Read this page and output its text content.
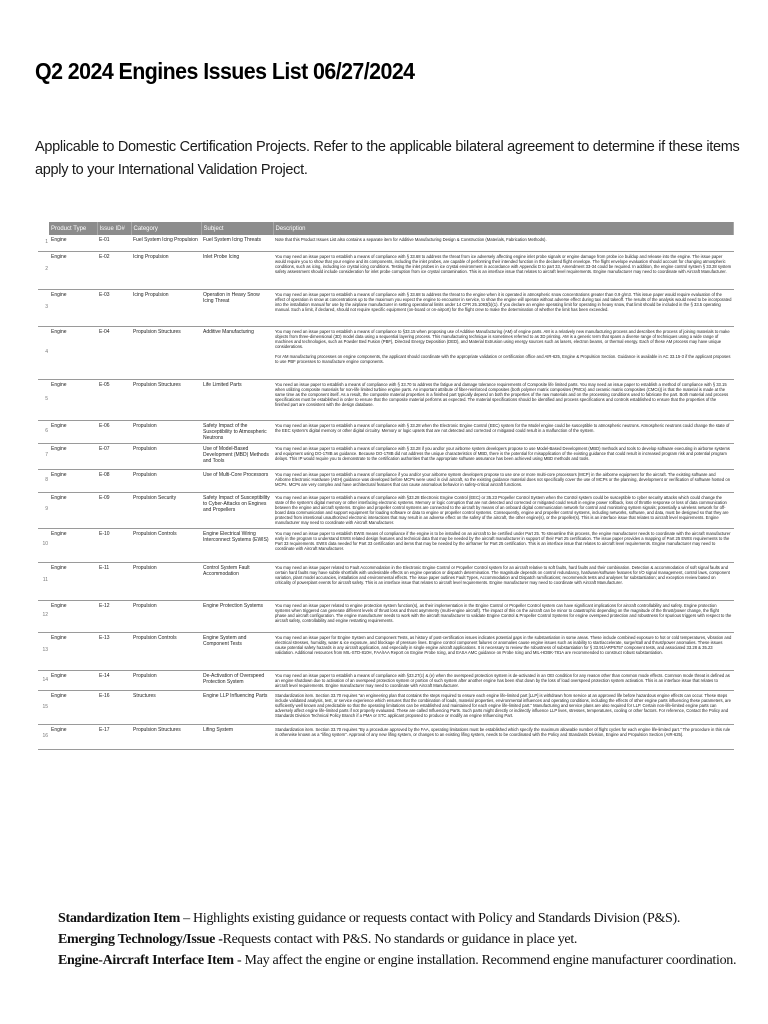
Q2 2024 Engines Issues List 06/27/2024
Applicable to Domestic Certification Projects. Refer to the applicable bilateral agreement to determine if these items apply to your International Validation Project.
	Product Type	Issue ID#	Category	Subject	Description
1	Engine	E-01	Fuel System Icing Propulsion	Fuel System Icing Threats	Note that this Product Issues List also contains a separate item for Additive Manufacturing Design & Construction (Materials, Fabrication Methods).
2	Engine	E-02	Icing Propulsion	Inlet Probe Icing	You may need an issue paper to establish a means of compliance with § 33.68 to address the threat from ice adversely affecting engine inlet probe signals or engine damage from probe ice buildup and release into the engine. The issue paper would require you to show that your engine and its components, including the inlet probes, are capable of performing their intended function in the declared flight envelope. The flight envelope evaluation should account for changing atmospheric conditions, such as icing, including ice crystal icing conditions. Testing the inlet probes in ice crystal environment in accordance with Appendix D to part 33, Amendment 33-34 could be required. In addition, the engine control system § 33.28 system safety assessment should include consideration for inlet probe corruption from ice crystal contamination. This is an interface issue that relates to aircraft level requirements. Engine manufacturer may need to coordinate with Aircraft Manufacturer.
3	Engine	E-03	Icing Propulsion	Operation in Heavy Snow Icing Threat	You may need an issue paper to establish a means of compliance with § 33.68 to address the threat to the engine when it is operated in atmospheric snow concentrations greater than 0.9 g/m3. This issue paper would require evaluation of the effect of operation in snow at concentrations up to the maximum you expect the engine to encounter in service, to show the engine will operate without adverse effect during taxi and takeoff. The results of the analysis would need to be incorporated into the installation manual for use by the airplane manufacturer in setting operational limits under 14 CFR 25.1093(b)(1). If you declare an engine operating limit for operating in heavy snow, that limit should be included in the § 33.5 operating manual. Such a limit, if declared, should not require specific equipment (on-board or on-airport) for the flight crew to make the determination of whether the limit has been exceeded.
4	Engine	E-04	Propulsion Structures	Additive Manufacturing	You may need an issue paper to establish a means of compliance to §33.15 when proposing use of Additive Manufacturing (AM) of engine parts. AM is a relatively new manufacturing process and describes the process of joining materials to make objects from three-dimensional (3D) model data using a sequential layering process. This manufacturing technique is sometimes referred to as 3D printing. AM is a generic term that spans a diverse range of techniques using a wide range of machines and technologies, such as Powder Bed Fusion (PBF), Directed Energy Deposition (DED), and Material Extrusion using energy sources such as lasers, electron beams, or thermal energy. Each of these AM process may have unique considerations.

For AM manufacturing processes on engine components, the applicant should coordinate with the appropriate validation or certification office and AIR-625, Engine & Propulsion Section. Guidance is available in AC 33.15-3 if the applicant proposes to use PBF processes to manufacture engine components.
5	Engine	E-05	Propulsion Structures	Life Limited Parts	You need an issue paper to establish a means of compliance with § 33.70 to address the fatigue and damage tolerance requirements of Composite life limited parts. You may need an issue paper to establish a method of compliance with § 33.15 when utilizing composite materials for non-life limited turbine engine parts. An important attribute of fiber-reinforced composites (both polymer matrix composites (PMCs) and ceramic matrix composites (CMCs)) is that the material is made at the same time as the component itself. As a result, the composite material properties in a finished part typically depend on both the properties of the raw materials and on the processing conditions used to fabricate the part. Both material and process specifications must be established in order to ensure that the composite material performs as expected. The material specifications should be identified and process specifications and controls established to ensure that the properties of the finished part are consistent with the design database.
6	Engine	E-06	Propulsion	Safety Impact of the Susceptibility to Atmospheric Neutrons	You may need an issue paper to establish a means of compliance with § 33.28 when the Electronic Engine Control (EEC) system for the Model engine could be susceptible to atmospheric neutrons. Atmospheric neutrons could change the state of the EEC system's digital memory or other digital circuitry. Memory or logic upsets that are not detected and corrected or mitigated could result in a malfunction of the system.
7	Engine	E-07	Propulsion	Use of Model-Based Development (MBD) Methods and Tools	You may need an issue paper to establish a means of compliance with § 33.28 if you and/or your airborne system developers propose to use Model-Based Development (MBD) methods and tools to develop software executing in airborne systems and equipment using DO-178B as guidance. Because DO-178B did not address the unique characteristics of MBD, there is the potential for misapplication of the existing guidance that could result in increased program risk and potential program delays. This IP would require you to demonstrate to the certification authorities that the appropriate software assurance has been achieved using MBD methods and tools.
8	Engine	E-08	Propulsion	Use of Multi-Core Processors	You may need an issue paper to establish a means of compliance if you and/or your airborne system developers propose to use one or more multi-core processors (MCP) in the airborne equipment for the aircraft. The existing software and Airborne Electronic Hardware (AEH) guidance was developed before MCPs were used in civil aircraft, so the existing guidance material does not specifically cover the use of MCPs or the planning, development or verification of software hosted on MCPs. MCPs are very complex and have architectural features that can cause anomalous behavior in safety-critical aircraft functions.
9	Engine	E-09	Propulsion Security	Safety Impact of Susceptibility to Cyber-Attacks on Engines and Propellers	You may need an issue paper to establish a means of compliance with §33.28 Electronic Engine Control (EEC) or 35.23 Propeller Control System when the Control system could be susceptible to cyber security attacks which could change the state of the system's digital memory or other interfacing electronic systems. Memory or logic corruption that are not detected and corrected or mitigated could result in engine power rollback, loss of throttle response or loss of data communication between the engine and aircraft systems. Engine and propeller control systems are connected to the aircraft by means of an onboard digital communication network for control and monitoring system signals; potentially a wireless network for off-board data communication and support equipment for loading software or data to engine or propeller control systems. Consequently, engine and propeller control systems, including networks, software, and data, must be designed so that they are protected from intentional unauthorized electronic interactions that may result in an adverse effect on the safety of the aircraft, the other engine(s), or the propeller(s). This is an interface issue that relates to aircraft level requirements. Engine manufacturer may need to coordinate with Aircraft Manufacturer.
10	Engine	E-10	Propulsion Controls	Engine Electrical Wiring Interconnect Systems (EWIS)	You may need an issue paper to establish EWIS means of compliance if the engine is to be installed on an aircraft to be certified under Part 25. To streamline this process, the engine manufacturer needs to coordinate with the aircraft manufacturer early in the program to understand EWIS related design features and technical data that may be needed by the aircraft manufacturer in support of their Part 25 certification. The issue paper provides a mapping of Part 25 EWIS requirements to the Part 33 requirements. EWIS data needed for Part 33 certification and items that may be needed by the airframer for Part 25 certification. This is an interface issue that relates to aircraft level requirements. Engine manufacturer may need to coordinate with Aircraft Manufacturer.
11	Engine	E-11	Propulsion	Control System Fault Accommodation	You may need an issue paper related to Fault Accommodation in the Electronic Engine Control or Propeller Control system for an aircraft relative to soft faults, hard faults and their combination. Detection & accommodation of soft signal faults and certain hard faults may have subtle shortfalls with undesirable effects on engine operation or dispatch determination. The magnitude depends on control redundancy, hardware/software features for I/O signal management, control laws, component variation, plant model accuracies, installation and environmental effects. The issue paper outlines Fault Types, Accommodation and Dispatch ramifications; recommends tests and analyses for substantiation; and exception review based on criticality of powerplant events for aircraft safety. This is an interface issue that relates to aircraft level requirements. Engine manufacturer may need to coordinate with Aircraft Manufacturer.
12	Engine	E-12	Propulsion	Engine Protection Systems	You may need an issue paper related to engine protection system function(s), as their implementation in the Engine Control or Propeller Control system can have significant implications for aircraft controllability and safety. Engine protection systems when triggered can generate different levels of thrust loss and thrust asymmetry (multi-engine aircraft). The impact of this on the aircraft can be minor to catastrophic depending on the magnitude of the thrust/power change, the flight phase and aircraft configuration. The engine manufacturer needs to work with the aircraft manufacturer to validate Engine Control & Propeller Control Systems for engine overspeed protection and robustness for spurious triggers with respect to the aircraft safety, controllability and engine restarting requirements.
13	Engine	E-13	Propulsion Controls	Engine System and Component Tests	You may need an issue paper for Engine System and Component Tests, as history of post-certification issues indicates potential gaps in the substantiation in some areas. These include combined exposure to hot or cold temperatures, vibration and electrical stresses, humidity, water & ice exposure, and blockage of pressure lines. Engine control component failures or anomalies cause engine issues such as inability to start/accelerate, surge/stall and thrust/power anomalies. These issues cause potential safety hazards in any aircraft application, and especially in single engine aircraft applications. It is necessary to review the robustness of substantiation for § 33.91/ARP5757 component tests, and associated 33.28 & 35.23 validation. Additional resources from MIL-STD-810H, FAA/IAA Report on Engine Probe Icing, and EASA AMC guidance on Probe Icing and MIL-HDBK-781A are recommended to construct robust substantiation.
14	Engine	E-14	Propulsion	De-Activation of Overspeed Protection System	You may need an issue paper to establish a means of compliance with §33.27(c) & (e) when the overspeed protection system is de-activated in an OEI condition for any reason other than common mode effects. Common mode threat is defined as an engine shutdown due to activation of an overspeed protection system or portion of such system after another engine has been shut down by the loss of load overspeed protection system activation. This is an interface issue that relates to aircraft level requirements. Engine manufacturer may need to coordinate with Aircraft Manufacturer.
15	Engine	E-16	Structures	Engine LLP Influencing Parts	Standardization item. Section 33.70 requires "an engineering plan that contains the steps required to ensure each engine life-limited part [LLP] is withdrawn from service at an approved life before hazardous engine effects can occur. These steps include validated analysis, test, or service experience which ensures that the combination of loads, material properties, environmental influences and operating conditions, including the effects of other engine parts influencing these parameters, are sufficiently well known and predictable so that the operating limitations can be established and maintained for each engine life-limited part." Manufacturing and service plans are also required for LLP. Certain non-life-limited engine parts can adversely affect engine life-limited parts if not properly evaluated. These are called Influencing Parts. Such parts might directly or indirectly influence LLP lives, stresses, temperatures, cooling or other factors. For reference, Contact the Policy and Standards Division Technical Policy Branch if a PMA or STC applicant proposed to produce or modify an engine Influencing Part.
16	Engine	E-17	Propulsion Structures	Lifing System	Standardization item. Section 33.70 requires "By a procedure approved by the FAA, operating limitations must be established which specify the maximum allowable number of flight cycles for each engine life-limited part." The procedure in this rule is otherwise known as a "lifing system". Approval of any new lifing system, or changes to an existing lifing system, needs to be coordinated with the Policy and Standards Division, Engine and Propulsion Section (AIR-625).
Standardization Item – Highlights existing guidance or requests contact with Policy and Standards Division (P&S).
Emerging Technology/Issue -Requests contact with P&S. No standards or guidance in place yet.
Engine-Aircraft Interface Item - May affect the engine or engine installation. Recommend engine manufacturer coordination.
